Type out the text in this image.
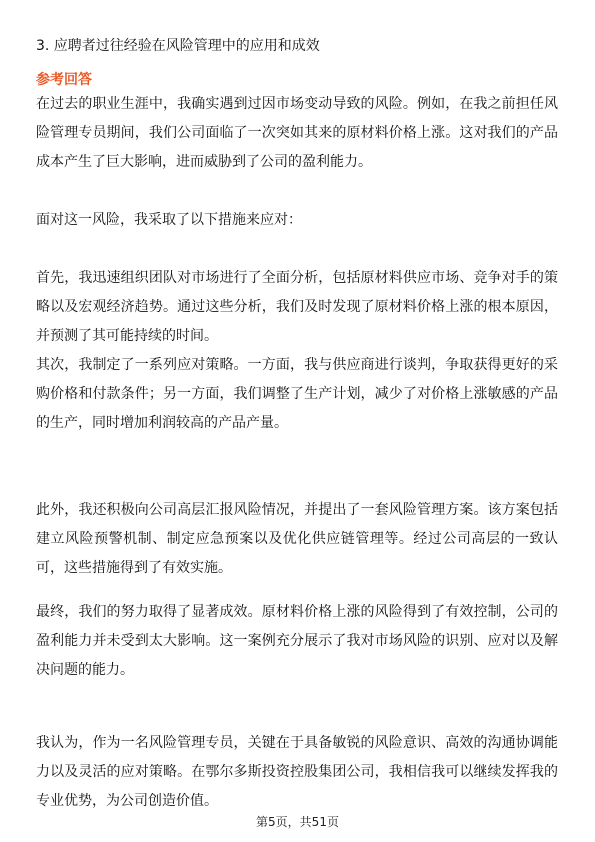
3. 应聘者过往经验在风险管理中的应用和成效
参考回答

在过去的职业生涯中，我确实遇到过因市场变动导致的风险。例如，在我之前担任风险管理专员期间，我们公司面临了一次突如其来的原材料价格上涨。这对我们的产品成本产生了巨大影响，进而威胁到了公司的盈利能力。

面对这一风险，我采取了以下措施来应对：

首先，我迅速组织团队对市场进行了全面分析，包括原材料供应市场、竞争对手的策略以及宏观经济趋势。通过这些分析，我们及时发现了原材料价格上涨的根本原因，并预测了其可能持续的时间。

其次，我制定了一系列应对策略。一方面，我与供应商进行谈判，争取获得更好的采购价格和付款条件；另一方面，我们调整了生产计划，减少了对价格上涨敏感的产品的生产，同时增加利润较高的产品产量。

此外，我还积极向公司高层汇报风险情况，并提出了一套风险管理方案。该方案包括建立风险预警机制、制定应急预案以及优化供应链管理等。经过公司高层的一致认可，这些措施得到了有效实施。

最终，我们的努力取得了显著成效。原材料价格上涨的风险得到了有效控制，公司的盈利能力并未受到太大影响。这一案例充分展示了我对市场风险的识别、应对以及解决问题的能力。

我认为，作为一名风险管理专员，关键在于具备敏锐的风险意识、高效的沟通协调能力以及灵活的应对策略。在鄂尔多斯投资控股集团公司，我相信我可以继续发挥我的专业优势，为公司创造价值。

第5页，共51页
